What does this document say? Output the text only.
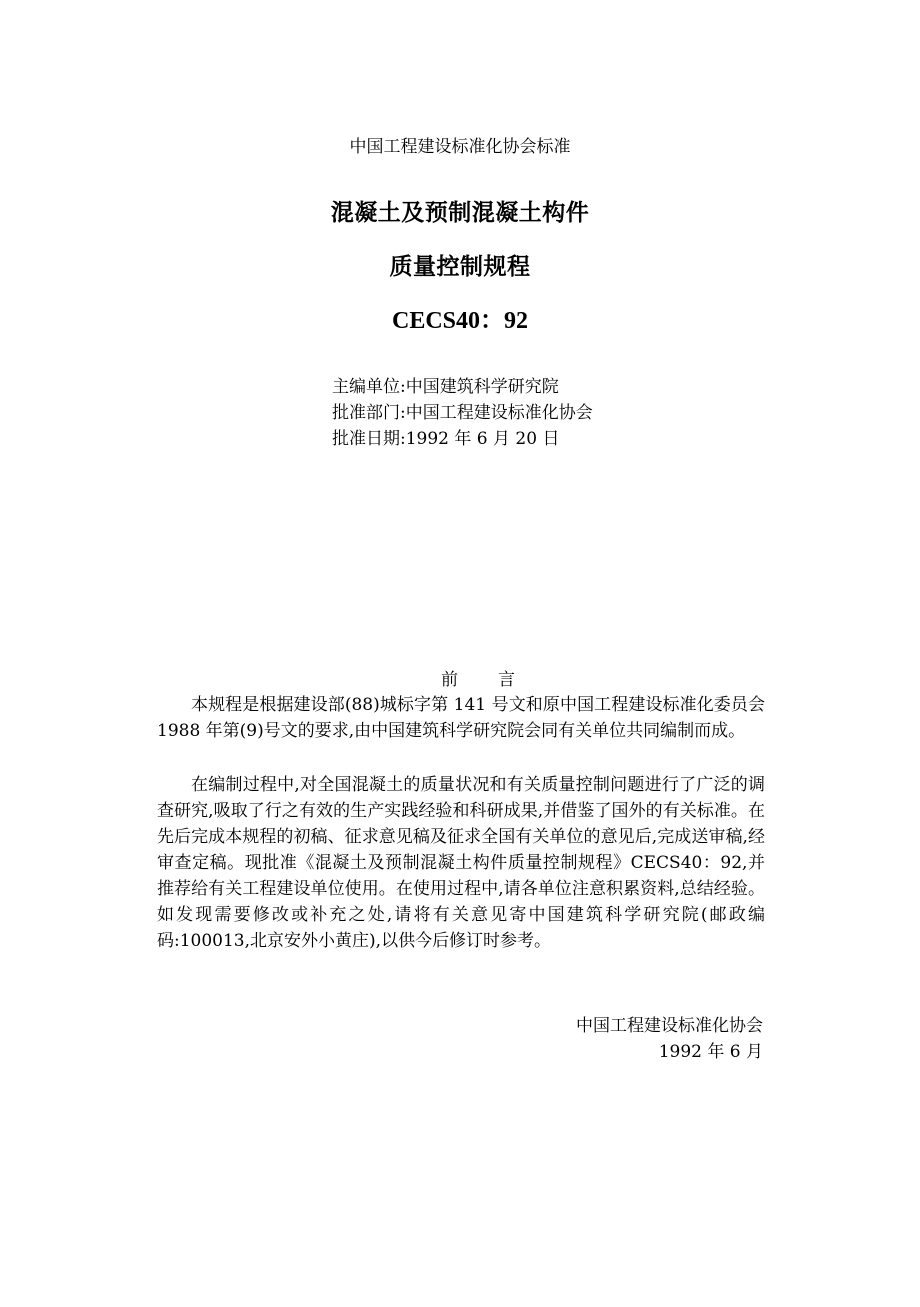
中国工程建设标准化协会标准
混凝土及预制混凝土构件
质量控制规程
CECS40：92
主编单位:中国建筑科学研究院
批准部门:中国工程建设标准化协会
批准日期:1992 年 6 月 20 日
前 言

本规程是根据建设部(88)城标字第 141 号文和原中国工程建设标准化委员会 1988 年第(9)号文的要求,由中国建筑科学研究院会同有关单位共同编制而成。

在编制过程中,对全国混凝土的质量状况和有关质量控制问题进行了广泛的调查研究,吸取了行之有效的生产实践经验和科研成果,并借鉴了国外的有关标准。在先后完成本规程的初稿、征求意见稿及征求全国有关单位的意见后,完成送审稿,经审查定稿。现批准《混凝土及预制混凝土构件质量控制规程》CECS40：92,并推荐给有关工程建设单位使用。在使用过程中,请各单位注意积累资料,总结经验。如发现需要修改或补充之处,请将有关意见寄中国建筑科学研究院(邮政编码:100013,北京安外小黄庄),以供今后修订时参考。

中国工程建设标准化协会
1992 年 6 月
